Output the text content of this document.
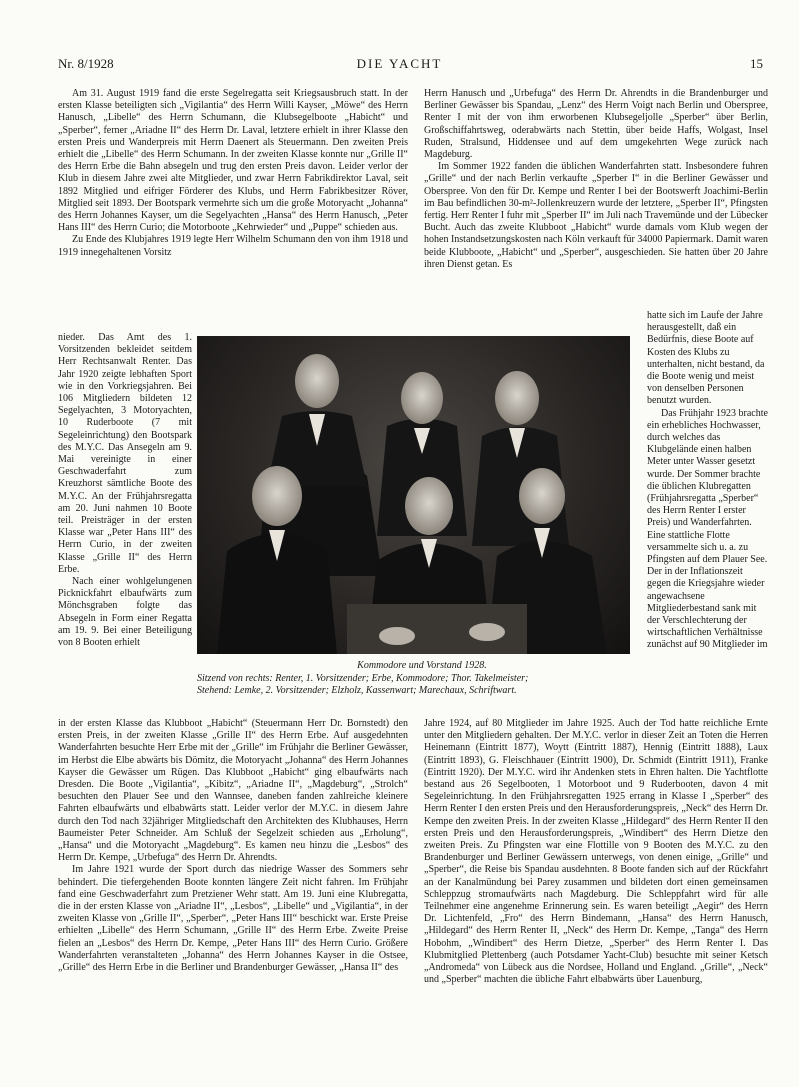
Nr. 8/1928	DIE YACHT	15

Am 31. August 1919 fand die erste Segelregatta seit Kriegsausbruch statt. In der ersten Klasse beteiligten sich „Vigilantia“ des Herrn Willi Kayser, „Möwe“ des Herrn Hanusch, „Libelle“ des Herrn Schumann, die Klubsegelboote „Habicht“ und „Sperber“, ferner „Ariadne II“ des Herrn Dr. Laval, letztere erhielt in ihrer Klasse den ersten Preis und Wanderpreis mit Herrn Daenert als Steuermann. Den zweiten Preis erhielt die „Libelle“ des Herrn Schumann. In der zweiten Klasse konnte nur „Grille II“ des Herrn Erbe die Bahn absegeln und trug den ersten Preis davon. Leider verlor der Klub in diesem Jahre zwei alte Mitglieder, und zwar Herrn Fabrikdirektor Laval, seit 1892 Mitglied und eifriger Förderer des Klubs, und Herrn Fabrikbesitzer Röver, Mitglied seit 1893. Der Bootspark vermehrte sich um die große Motoryacht „Johanna“ des Herrn Johannes Kayser, um die Segelyachten „Hansa“ des Herrn Hanusch, „Peter Hans III“ des Herrn Curio; die Motorboote „Kehrwieder“ und „Puppe“ schieden aus.

Zu Ende des Klubjahres 1919 legte Herr Wilhelm Schumann den von ihm 1918 und 1919 innegehaltenen Vorsitz

Herrn Hanusch und „Urbefuga“ des Herrn Dr. Ahrendts in die Brandenburger und Berliner Gewässer bis Spandau, „Lenz“ des Herrn Voigt nach Berlin und Oberspree, Renter I mit der von ihm erworbenen Klubsegeljolle „Sperber“ über Berlin, Großschiffahrtsweg, oderabwärts nach Stettin, über beide Haffs, Wolgast, Insel Ruden, Stralsund, Hiddensee und auf dem umgekehrten Wege zurück nach Magdeburg.

Im Sommer 1922 fanden die üblichen Wanderfahrten statt. Insbesondere fuhren „Grille“ und der nach Berlin verkaufte „Sperber I“ in die Berliner Gewässer und Oberspree. Von den für Dr. Kempe und Renter I bei der Bootswerft Joachimi-Berlin im Bau befindlichen 30-m²-Jollenkreuzern wurde der letztere, „Sperber II“, Pfingsten fertig. Herr Renter I fuhr mit „Sperber II“ im Juli nach Travemünde und der Lübecker Bucht. Auch das zweite Klubboot „Habicht“ wurde damals vom Klub wegen der hohen Instandsetzungskosten nach Köln verkauft für 34000 Papiermark. Damit waren beide Klubboote, „Habicht“ und „Sperber“, ausgeschieden. Sie hatten über 20 Jahre ihren Dienst getan. Es

nieder. Das Amt des 1. Vorsitzenden bekleidet seitdem Herr Rechtsanwalt Renter. Das Jahr 1920 zeigte lebhaften Sport wie in den Vorkriegsjahren. Bei 106 Mitgliedern bildeten 12 Segelyachten, 3 Motoryachten, 10 Ruderboote (7 mit Segeleinrichtung) den Bootspark des M.Y.C. Das Ansegeln am 9. Mai vereinigte in einer Geschwaderfahrt zum Kreuzhorst sämtliche Boote des M.Y.C. An der Frühjahrsregatta am 20. Juni nahmen 10 Boote teil. Preisträger in der ersten Klasse war „Peter Hans III“ des Herrn Curio, in der zweiten Klasse „Grille II“ des Herrn Erbe.

Nach einer wohlgelungenen Picknickfahrt elbaufwärts zum Mönchsgraben folgte das Absegeln in Form einer Regatta am 19. 9. Bei einer Beteiligung von 8 Booten erhielt

Kommodore und Vorstand 1928.
Sitzend von rechts: Renter, 1. Vorsitzender; Erbe, Kommodore; Thor. Takelmeister;
Stehend: Lemke, 2. Vorsitzender; Elzholz, Kassenwart; Marechaux, Schriftwart.

hatte sich im Laufe der Jahre herausgestellt, daß ein Bedürfnis, diese Boote auf Kosten des Klubs zu unterhalten, nicht bestand, da die Boote wenig und meist von denselben Personen benutzt wurden.

Das Frühjahr 1923 brachte ein erhebliches Hochwasser, durch welches das Klubgelände einen halben Meter unter Wasser gesetzt wurde. Der Sommer brachte die üblichen Klubregatten (Frühjahrsregatta „Sperber“ des Herrn Renter I erster Preis) und Wanderfahrten. Eine stattliche Flotte versammelte sich u. a. zu Pfingsten auf dem Plauer See. Der in der Inflationszeit gegen die Kriegsjahre wieder angewachsene Mitgliederbestand sank mit der Verschlechterung der wirtschaftlichen Verhältnisse zunächst auf 90 Mitglieder im

in der ersten Klasse das Klubboot „Habicht“ (Steuermann Herr Dr. Bornstedt) den ersten Preis, in der zweiten Klasse „Grille II“ des Herrn Erbe. Auf ausgedehnten Wanderfahrten besuchte Herr Erbe mit der „Grille“ im Frühjahr die Berliner Gewässer, im Herbst die Elbe abwärts bis Dömitz, die Motoryacht „Johanna“ des Herrn Johannes Kayser die Gewässer um Rügen. Das Klubboot „Habicht“ ging elbaufwärts nach Dresden. Die Boote „Vigilantia“, „Kibitz“, „Ariadne II“, „Magdeburg“, „Strolch“ besuchten den Plauer See und den Wannsee, daneben fanden zahlreiche kleinere Fahrten elbaufwärts und elbabwärts statt. Leider verlor der M.Y.C. in diesem Jahre durch den Tod nach 32jähriger Mitgliedschaft den Architekten des Klubhauses, Herrn Baumeister Peter Schneider. Am Schluß der Segelzeit schieden aus „Erholung“, „Hansa“ und die Motoryacht „Magdeburg“. Es kamen neu hinzu die „Lesbos“ des Herrn Dr. Kempe, „Urbefuga“ des Herrn Dr. Ahrendts.

Im Jahre 1921 wurde der Sport durch das niedrige Wasser des Sommers sehr behindert. Die tiefergehenden Boote konnten längere Zeit nicht fahren. Im Frühjahr fand eine Geschwaderfahrt zum Pretziener Wehr statt. Am 19. Juni eine Klubregatta, die in der ersten Klasse von „Ariadne II“, „Lesbos“, „Libelle“ und „Vigilantia“, in der zweiten Klasse von „Grille II“, „Sperber“, „Peter Hans III“ beschickt war. Erste Preise erhielten „Libelle“ des Herrn Schumann, „Grille II“ des Herrn Erbe. Zweite Preise fielen an „Lesbos“ des Herrn Dr. Kempe, „Peter Hans III“ des Herrn Curio. Größere Wanderfahrten veranstalteten „Johanna“ des Herrn Johannes Kayser in die Ostsee, „Grille“ des Herrn Erbe in die Berliner und Brandenburger Gewässer, „Hansa II“ des

Jahre 1924, auf 80 Mitglieder im Jahre 1925. Auch der Tod hatte reichliche Ernte unter den Mitgliedern gehalten. Der M.Y.C. verlor in dieser Zeit an Toten die Herren Heinemann (Eintritt 1877), Woytt (Eintritt 1887), Hennig (Eintritt 1888), Laux (Eintritt 1893), G. Fleischhauer (Eintritt 1900), Dr. Schmidt (Eintritt 1911), Franke (Eintritt 1920). Der M.Y.C. wird ihr Andenken stets in Ehren halten. Die Yachtflotte bestand aus 26 Segelbooten, 1 Motorboot und 9 Ruderbooten, davon 4 mit Segeleinrichtung. In den Frühjahrsregatten 1925 errang in Klasse I „Sperber“ des Herrn Renter I den ersten Preis und den Herausforderungspreis, „Neck“ des Herrn Dr. Kempe den zweiten Preis. In der zweiten Klasse „Hildegard“ des Herrn Renter II den ersten Preis und den Herausforderungspreis, „Windibert“ des Herrn Dietze den zweiten Preis. Zu Pfingsten war eine Flottille von 9 Booten des M.Y.C. zu den Brandenburger und Berliner Gewässern unterwegs, von denen einige, „Grille“ und „Sperber“, die Reise bis Spandau ausdehnten. 8 Boote fanden sich auf der Rückfahrt an der Kanalmündung bei Parey zusammen und bildeten dort einen gemeinsamen Schleppzug stromaufwärts nach Magdeburg. Die Schleppfahrt wird für alle Teilnehmer eine angenehme Erinnerung sein. Es waren beteiligt „Aegir“ des Herrn Dr. Lichtenfeld, „Fro“ des Herrn Bindemann, „Hansa“ des Herrn Hanusch, „Hildegard“ des Herrn Renter II, „Neck“ des Herrn Dr. Kempe, „Tanga“ des Herrn Hobohm, „Windibert“ des Herrn Dietze, „Sperber“ des Herrn Renter I. Das Klubmitglied Plettenberg (auch Potsdamer Yacht-Club) besuchte mit seiner Ketsch „Andromeda“ von Lübeck aus die Nordsee, Holland und England. „Grille“, „Neck“ und „Sperber“ machten die übliche Fahrt elbabwärts über Lauenburg,
